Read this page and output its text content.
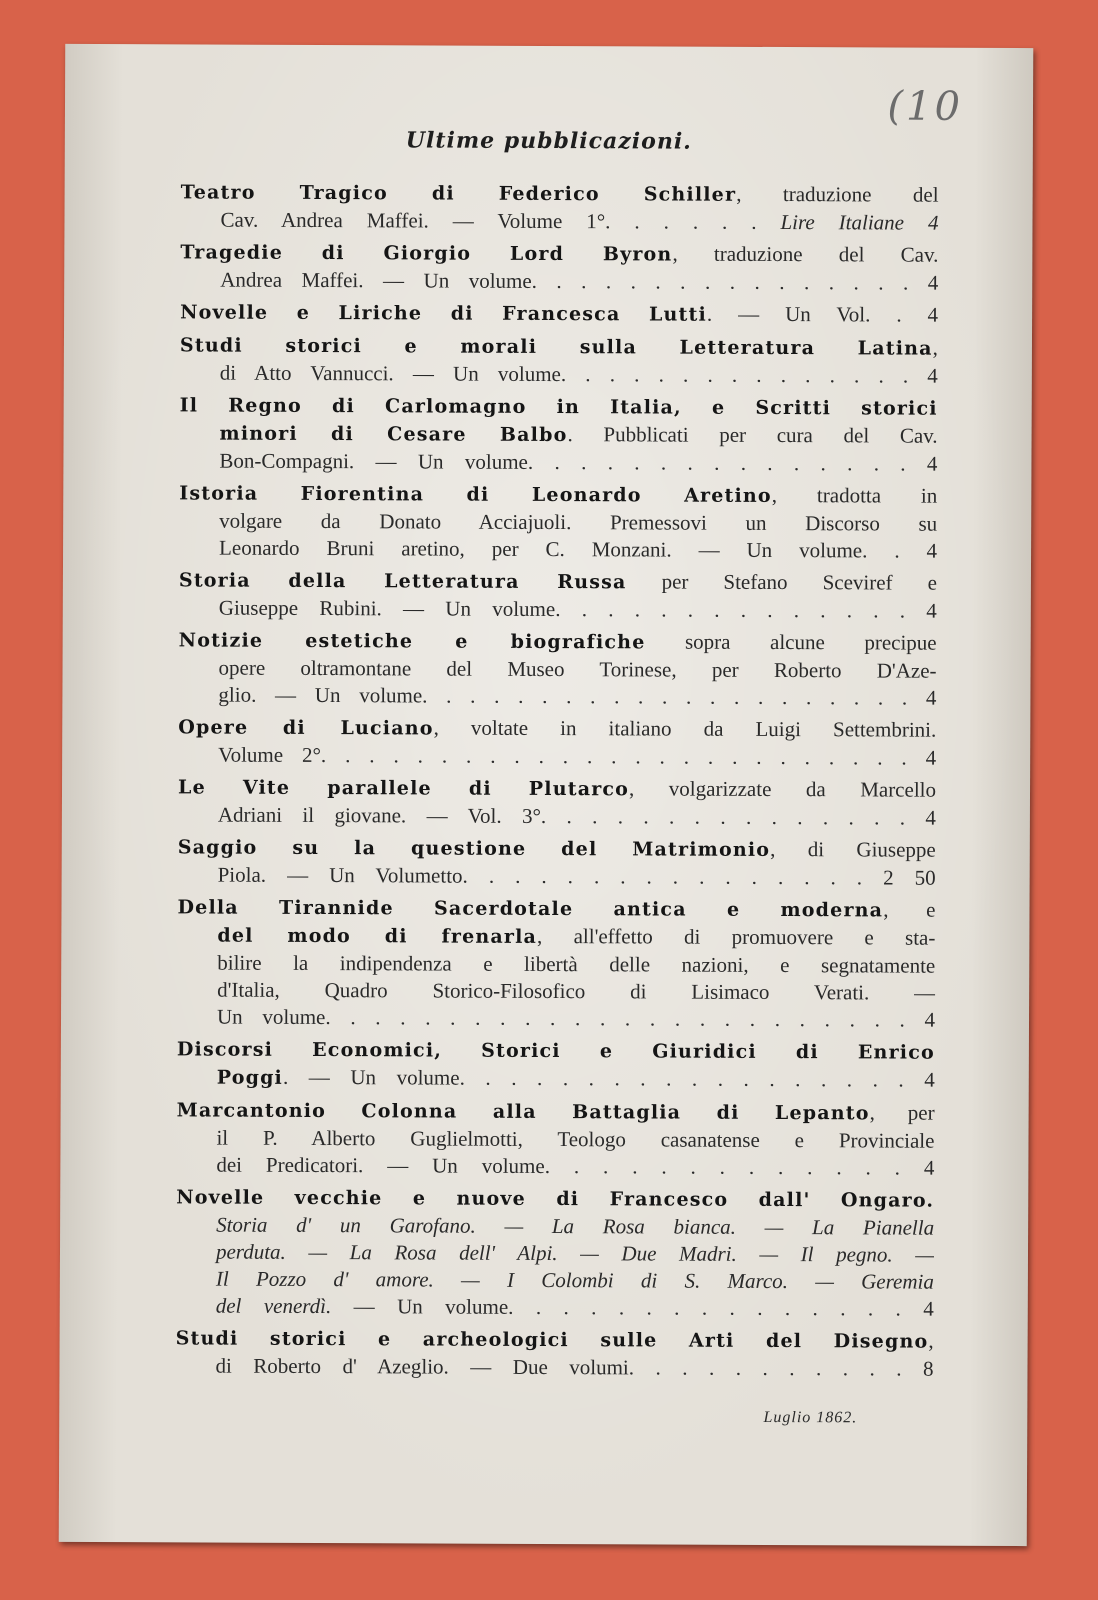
(10
Ultime pubblicazioni.
Teatro Tragico di Federico Schiller, traduzione del
Cav. Andrea Maffei. — Volume 1°. . . . . . Lire Italiane 4
Tragedie di Giorgio Lord Byron, traduzione del Cav.
Andrea Maffei. — Un volume. . . . . . . . . . . . . . . . 4
Novelle e Liriche di Francesca Lutti. — Un Vol. . 4
Studi storici e morali sulla Letteratura Latina,
di Atto Vannucci. — Un volume. . . . . . . . . . . . . . . 4
Il Regno di Carlomagno in Italia, e Scritti storici
minori di Cesare Balbo. Pubblicati per cura del Cav.
Bon-Compagni. — Un volume. . . . . . . . . . . . . . . 4
Istoria Fiorentina di Leonardo Aretino, tradotta in
volgare da Donato Acciajuoli. Premessovi un Discorso su
Leonardo Bruni aretino, per C. Monzani. — Un volume. . 4
Storia della Letteratura Russa per Stefano Sceviref e
Giuseppe Rubini. — Un volume. . . . . . . . . . . . . . 4
Notizie estetiche e biografiche sopra alcune precipue
opere oltramontane del Museo Torinese, per Roberto D'Aze-
glio. — Un volume. . . . . . . . . . . . . . . . . . . . . 4
Opere di Luciano, voltate in italiano da Luigi Settembrini.
Volume 2°. . . . . . . . . . . . . . . . . . . . . . . . . 4
Le Vite parallele di Plutarco, volgarizzate da Marcello
Adriani il giovane. — Vol. 3°. . . . . . . . . . . . . . . 4
Saggio su la questione del Matrimonio, di Giuseppe
Piola. — Un Volumetto. . . . . . . . . . . . . . . . 2 50
Della Tirannide Sacerdotale antica e moderna, e
del modo di frenarla, all'effetto di promuovere e sta-
bilire la indipendenza e libertà delle nazioni, e segnatamente
d'Italia, Quadro Storico-Filosofico di Lisimaco Verati. —
Un volume. . . . . . . . . . . . . . . . . . . . . . . . 4
Discorsi Economici, Storici e Giuridici di Enrico
Poggi. — Un volume. . . . . . . . . . . . . . . . . . 4
Marcantonio Colonna alla Battaglia di Lepanto, per
il P. Alberto Guglielmotti, Teologo casanatense e Provinciale
dei Predicatori. — Un volume. . . . . . . . . . . . . 4
Novelle vecchie e nuove di Francesco dall' Ongaro.
Storia d' un Garofano. — La Rosa bianca. — La Pianella
perduta. — La Rosa dell' Alpi. — Due Madri. — Il pegno. —
Il Pozzo d' amore. — I Colombi di S. Marco. — Geremia
del venerdì. — Un volume. . . . . . . . . . . . . . . 4
Studi storici e archeologici sulle Arti del Disegno,
di Roberto d' Azeglio. — Due volumi. . . . . . . . . . . 8
Luglio 1862.
